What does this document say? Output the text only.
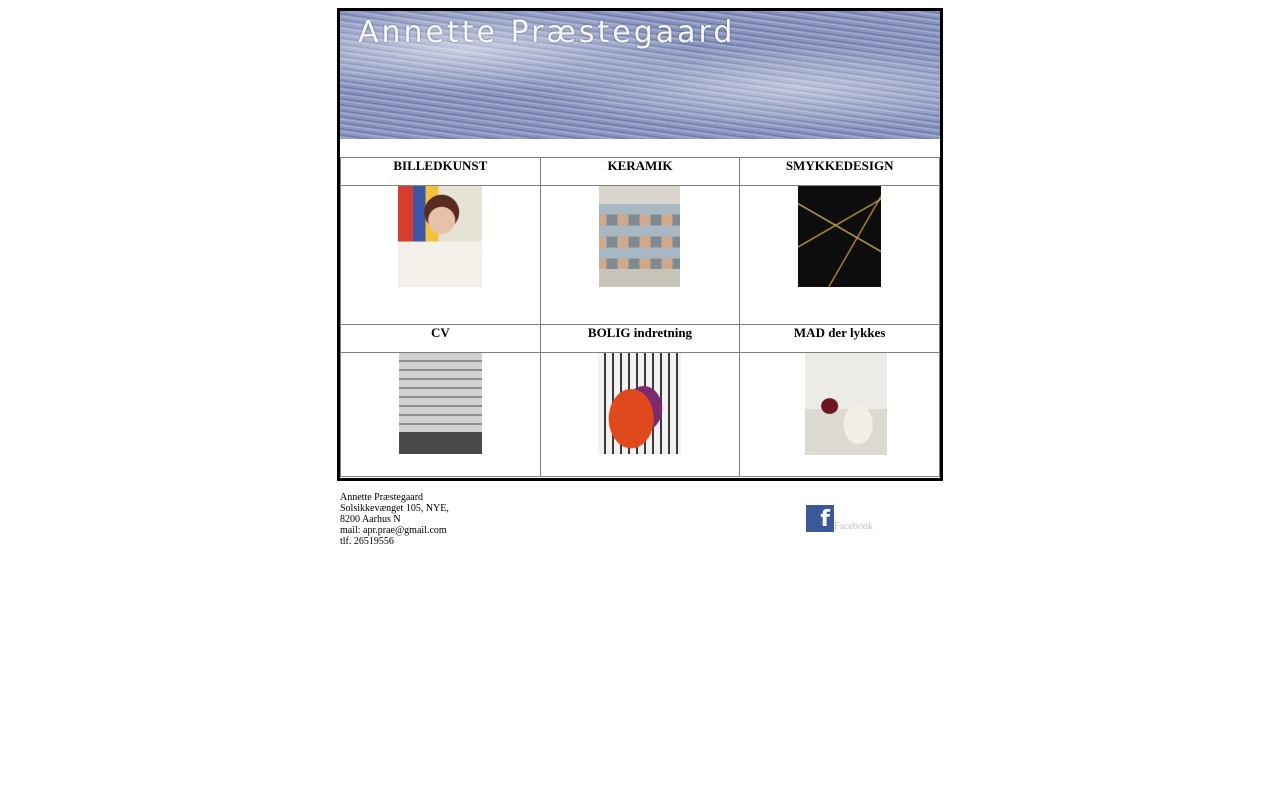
Annette Præstegaard
BILLEDKUNST	KERAMIK	SMYKKEDESIGN

CV	BOLIG indretning	MAD der lykkes

Annette Præstegaard
Solsikkevænget 105, NYE,
8200 Aarhus N
mail: apr.prae@gmail.com
tlf. 26519556
f Facebook
